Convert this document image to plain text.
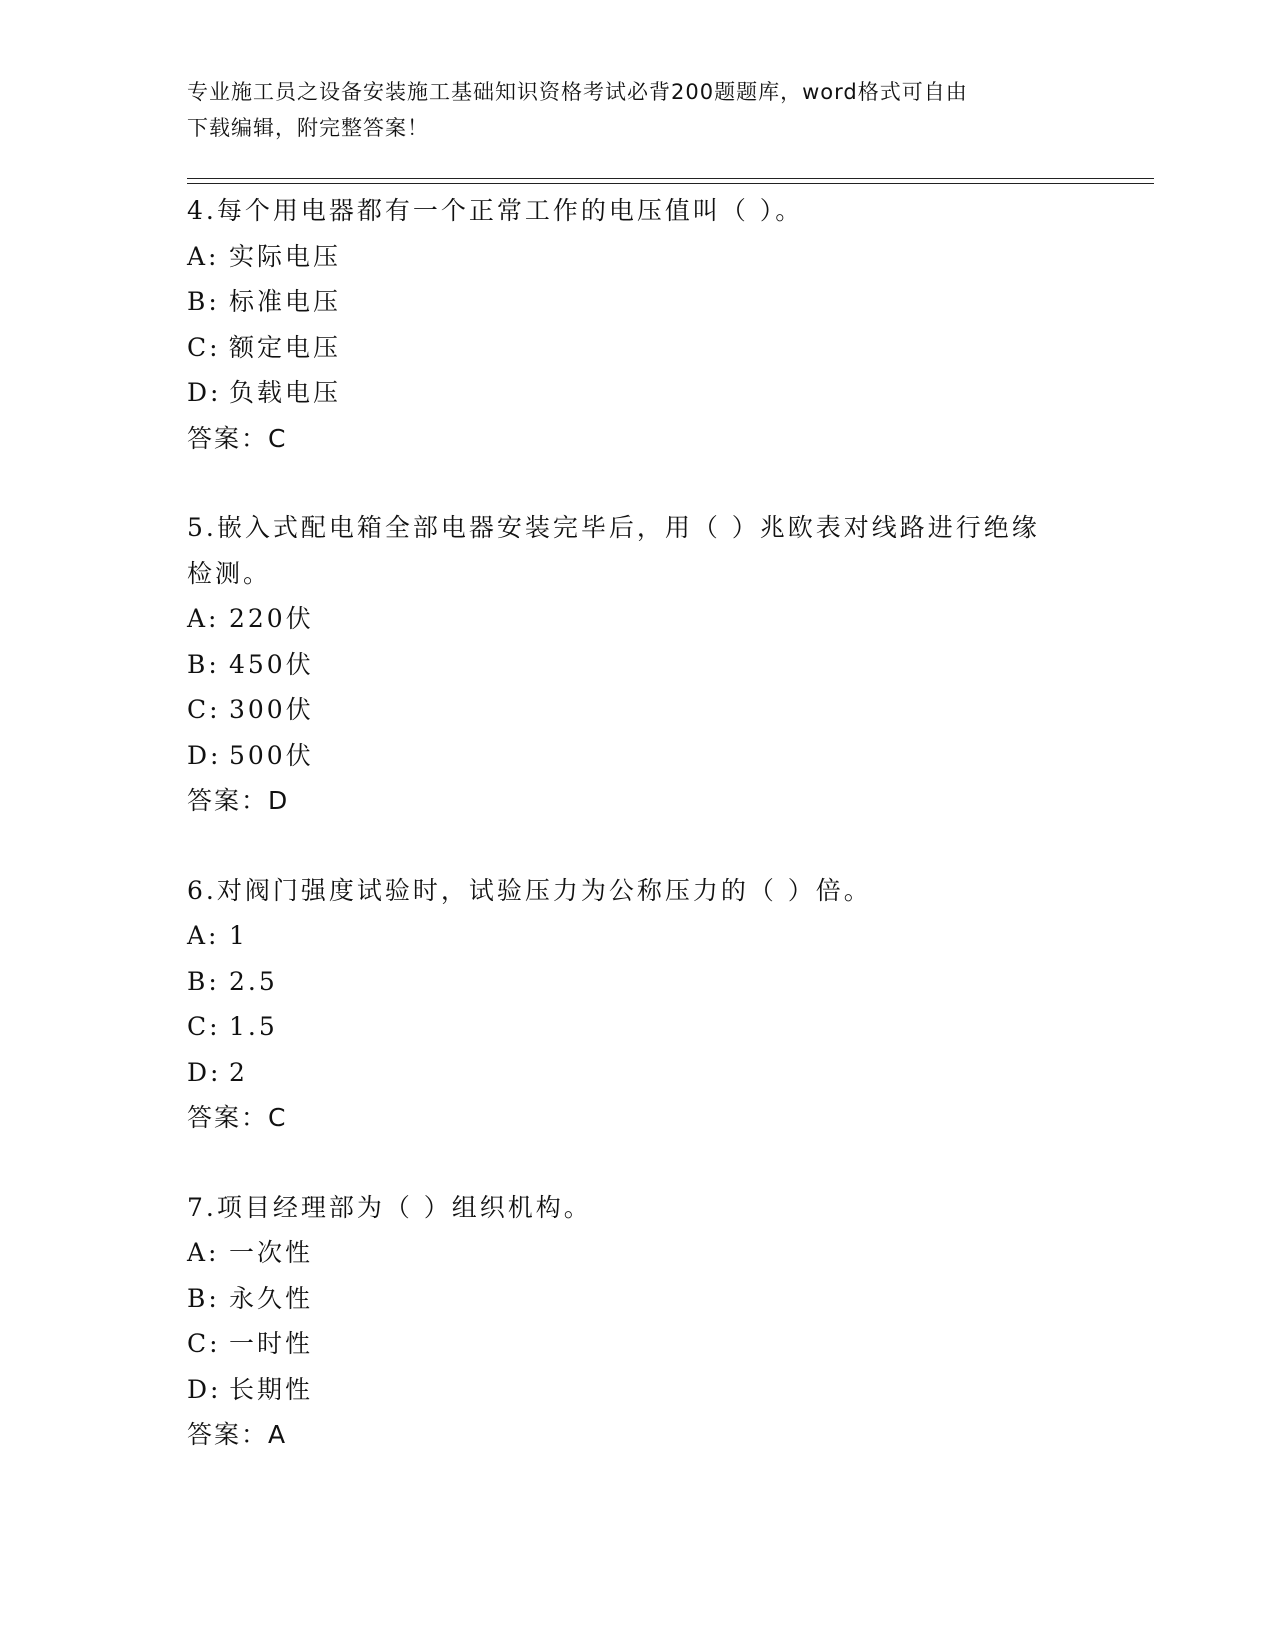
专业施工员之设备安装施工基础知识资格考试必背200题题库，word格式可自由
下载编辑，附完整答案！
4.每个用电器都有一个正常工作的电压值叫（ ）。
A: 实际电压
B: 标准电压
C: 额定电压
D: 负载电压
答案：C
5.嵌入式配电箱全部电器安装完毕后，用（ ）兆欧表对线路进行绝缘检测。
A: 220伏
B: 450伏
C: 300伏
D: 500伏
答案：D
6.对阀门强度试验时，试验压力为公称压力的（ ）倍。
A: 1
B: 2.5
C: 1.5
D: 2
答案：C
7.项目经理部为（ ）组织机构。
A: 一次性
B: 永久性
C: 一时性
D: 长期性
答案：A
